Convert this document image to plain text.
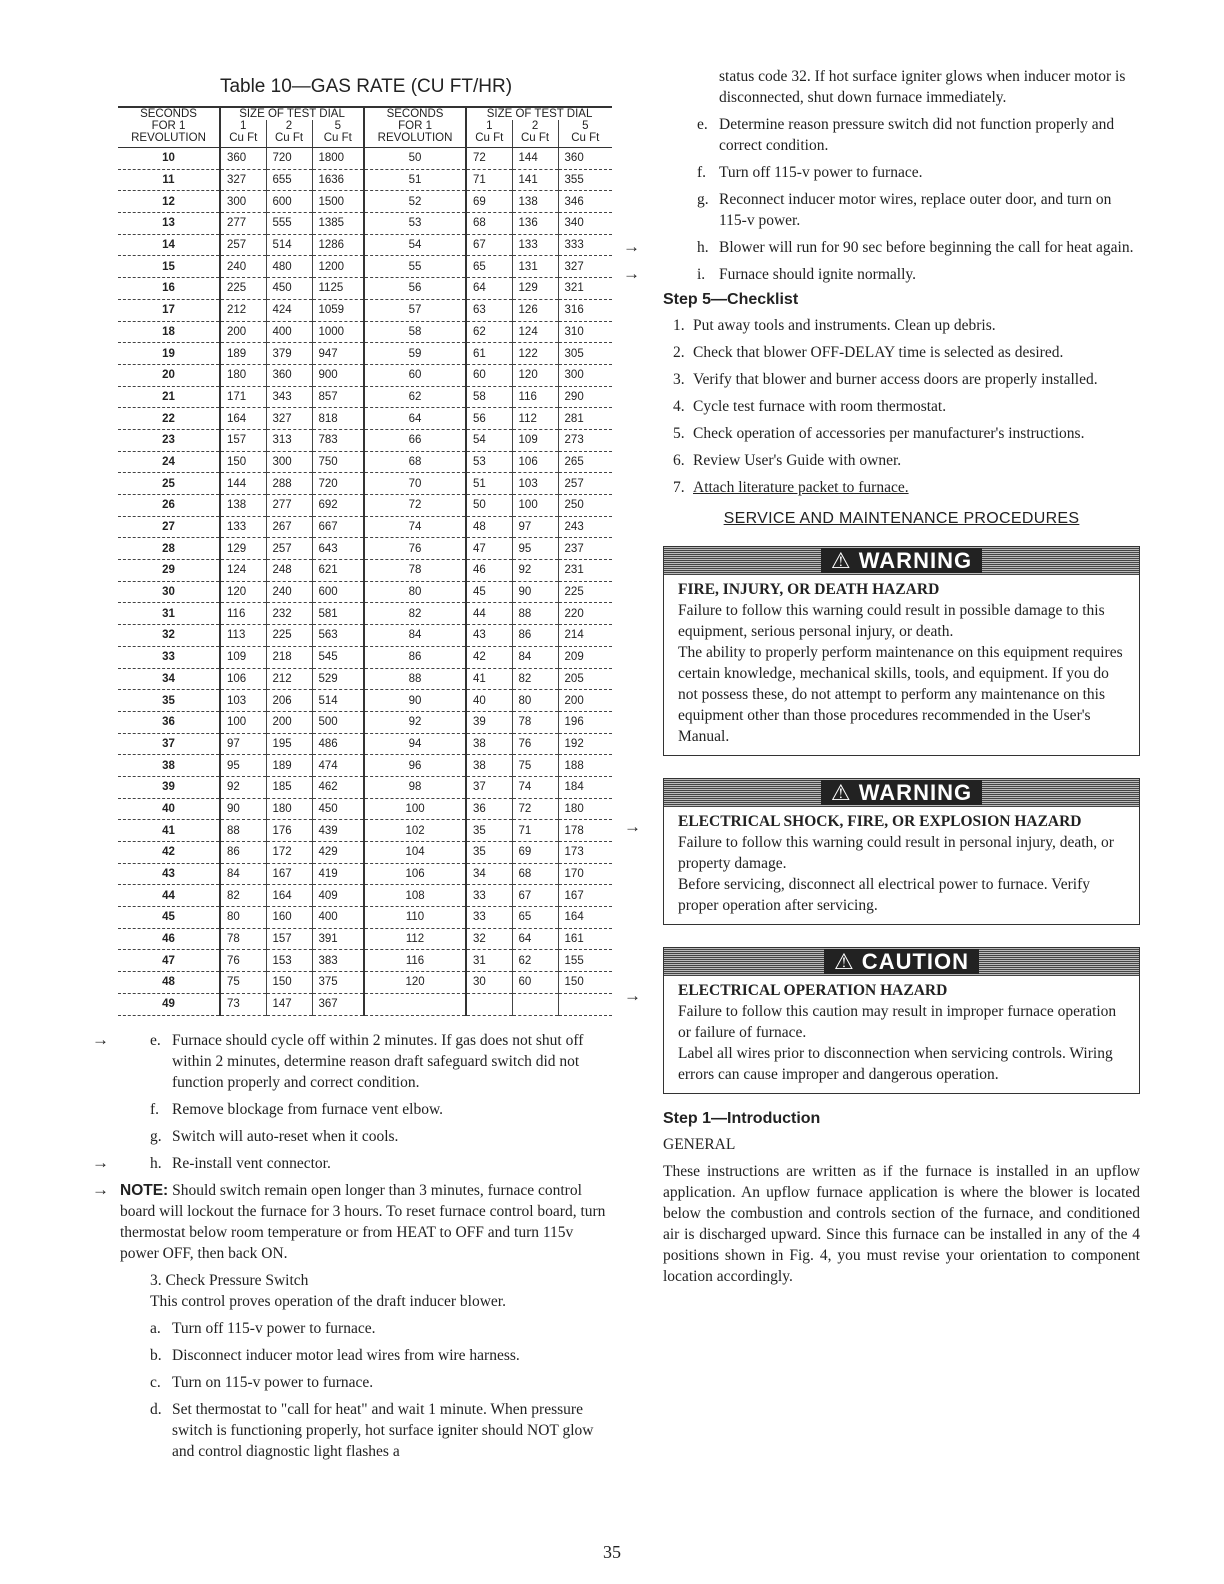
Table 10—GAS RATE (CU FT/HR)
SECONDS	SIZE OF TEST DIAL			SECONDS	SIZE OF TEST DIAL		
FOR 1	1	2	5	FOR 1	1	2	5
REVOLUTION	Cu Ft	Cu Ft	Cu Ft	REVOLUTION	Cu Ft	Cu Ft	Cu Ft
10	360	720	1800	50	72	144	360
11	327	655	1636	51	71	141	355
12	300	600	1500	52	69	138	346
13	277	555	1385	53	68	136	340
14	257	514	1286	54	67	133	333
15	240	480	1200	55	65	131	327
16	225	450	1125	56	64	129	321
17	212	424	1059	57	63	126	316
18	200	400	1000	58	62	124	310
19	189	379	947	59	61	122	305
20	180	360	900	60	60	120	300
21	171	343	857	62	58	116	290
22	164	327	818	64	56	112	281
23	157	313	783	66	54	109	273
24	150	300	750	68	53	106	265
25	144	288	720	70	51	103	257
26	138	277	692	72	50	100	250
27	133	267	667	74	48	97	243
28	129	257	643	76	47	95	237
29	124	248	621	78	46	92	231
30	120	240	600	80	45	90	225
31	116	232	581	82	44	88	220
32	113	225	563	84	43	86	214
33	109	218	545	86	42	84	209
34	106	212	529	88	41	82	205
35	103	206	514	90	40	80	200
36	100	200	500	92	39	78	196
37	97	195	486	94	38	76	192
38	95	189	474	96	38	75	188
39	92	185	462	98	37	74	184
40	90	180	450	100	36	72	180
41	88	176	439	102	35	71	178
42	86	172	429	104	35	69	173
43	84	167	419	106	34	68	170
44	82	164	409	108	33	67	167
45	80	160	400	110	33	65	164
46	78	157	391	112	32	64	161
47	76	153	383	116	31	62	155
48	75	150	375	120	30	60	150
49	73	147	367				
→	e. Furnace should cycle off within 2 minutes. If gas does not shut off within 2 minutes, determine reason draft safeguard switch did not function properly and correct condition.
f. Remove blockage from furnace vent elbow.
g. Switch will auto-reset when it cools.
→	h. Re-install vent connector.
→ NOTE: Should switch remain open longer than 3 minutes, furnace control board will lockout the furnace for 3 hours. To reset furnace control board, turn thermostat below room temperature or from HEAT to OFF and turn 115v power OFF, then back ON.
3. Check Pressure Switch
This control proves operation of the draft inducer blower.
a. Turn off 115-v power to furnace.
b. Disconnect inducer motor lead wires from wire harness.
c. Turn on 115-v power to furnace.
d. Set thermostat to "call for heat" and wait 1 minute. When pressure switch is functioning properly, hot surface igniter should NOT glow and control diagnostic light flashes a
status code 32. If hot surface igniter glows when inducer motor is disconnected, shut down furnace immediately.
e. Determine reason pressure switch did not function properly and correct condition.
f. Turn off 115-v power to furnace.
g. Reconnect inducer motor wires, replace outer door, and turn on 115-v power.
→	h. Blower will run for 90 sec before beginning the call for heat again.
→	i. Furnace should ignite normally.
Step 5—Checklist
1. Put away tools and instruments. Clean up debris.
2. Check that blower OFF-DELAY time is selected as desired.
3. Verify that blower and burner access doors are properly installed.
4. Cycle test furnace with room thermostat.
5. Check operation of accessories per manufacturer's instructions.
6. Review User's Guide with owner.
7. Attach literature packet to furnace.
SERVICE AND MAINTENANCE PROCEDURES
⚠ WARNING
FIRE, INJURY, OR DEATH HAZARD
Failure to follow this warning could result in possible damage to this equipment, serious personal injury, or death.
The ability to properly perform maintenance on this equipment requires certain knowledge, mechanical skills, tools, and equipment. If you do not possess these, do not attempt to perform any maintenance on this equipment other than those procedures recommended in the User's Manual.
→
⚠ WARNING
ELECTRICAL SHOCK, FIRE, OR EXPLOSION HAZARD
Failure to follow this warning could result in personal injury, death, or property damage.
Before servicing, disconnect all electrical power to furnace. Verify proper operation after servicing.
→
⚠ CAUTION
ELECTRICAL OPERATION HAZARD
Failure to follow this caution may result in improper furnace operation or failure of furnace.
Label all wires prior to disconnection when servicing controls. Wiring errors can cause improper and dangerous operation.
Step 1—Introduction

GENERAL

These instructions are written as if the furnace is installed in an upflow application. An upflow furnace application is where the blower is located below the combustion and controls section of the furnace, and conditioned air is discharged upward. Since this furnace can be installed in any of the 4 positions shown in Fig. 4, you must revise your orientation to component location accordingly.

35
